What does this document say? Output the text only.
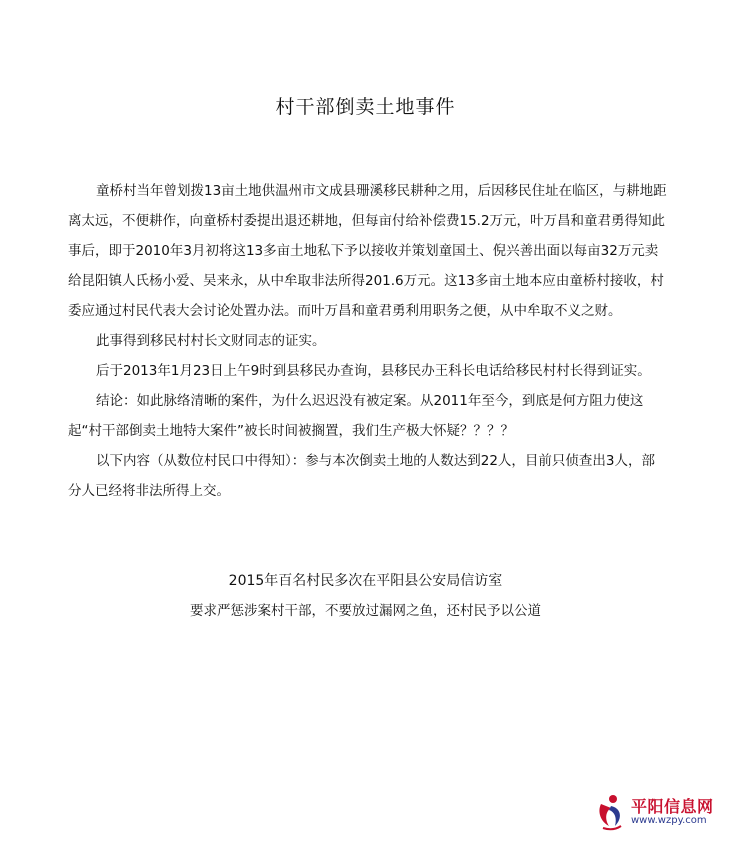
村干部倒卖土地事件

童桥村当年曾划拨13亩土地供温州市文成县珊溪移民耕种之用，后因移民住址在临区，与耕地距离太远，不便耕作，向童桥村委提出退还耕地，但每亩付给补偿费15.2万元，叶万昌和童君勇得知此事后，即于2010年3月初将这13多亩土地私下予以接收并策划童国土、倪兴善出面以每亩32万元卖给昆阳镇人氏杨小爱、吴来永，从中牟取非法所得201.6万元。这13多亩土地本应由童桥村接收，村委应通过村民代表大会讨论处置办法。而叶万昌和童君勇利用职务之便，从中牟取不义之财。

此事得到移民村村长文财同志的证实。

后于2013年1月23日上午9时到县移民办查询，县移民办王科长电话给移民村村长得到证实。

结论：如此脉络清晰的案件，为什么迟迟没有被定案。从2011年至今，到底是何方阻力使这起“村干部倒卖土地特大案件”被长时间被搁置，我们生产极大怀疑？？？？

以下内容（从数位村民口中得知）：参与本次倒卖土地的人数达到22人，目前只侦查出3人，部分人已经将非法所得上交。

2015年百名村民多次在平阳县公安局信访室
要求严惩涉案村干部，不要放过漏网之鱼，还村民予以公道
平阳信息网
www.wzpy.com
